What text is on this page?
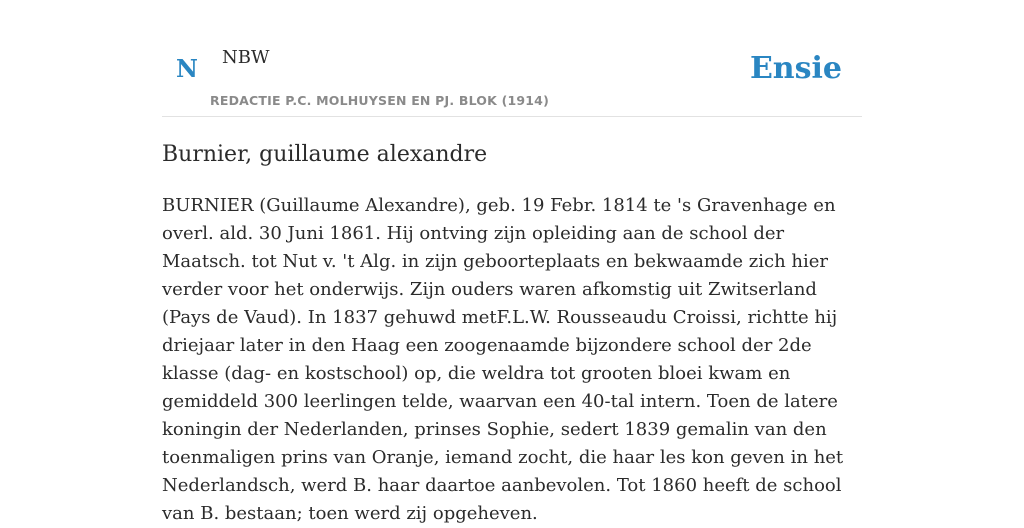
N NBW
REDACTIE P.C. MOLHUYSEN EN PJ. BLOK (1914)
Ensie
Burnier, guillaume alexandre

BURNIER (Guillaume Alexandre), geb. 19 Febr. 1814 te 's Gravenhage en overl. ald. 30 Juni 1861. Hij ontving zijn opleiding aan de school der Maatsch. tot Nut v. 't Alg. in zijn geboorteplaats en bekwaamde zich hier verder voor het onderwijs. Zijn ouders waren afkomstig uit Zwitserland (Pays de Vaud). In 1837 gehuwd metF.L.W. Rousseaudu Croissi, richtte hij driejaar later in den Haag een zoogenaamde bijzondere school der 2de klasse (dag- en kostschool) op, die weldra tot grooten bloei kwam en gemiddeld 300 leerlingen telde, waarvan een 40-tal intern. Toen de latere koningin der Nederlanden, prinses Sophie, sedert 1839 gemalin van den toenmaligen prins van Oranje, iemand zocht, die haar les kon geven in het Nederlandsch, werd B. haar daartoe aanbevolen. Tot 1860 heeft de school van B. bestaan; toen werd zij opgeheven.
